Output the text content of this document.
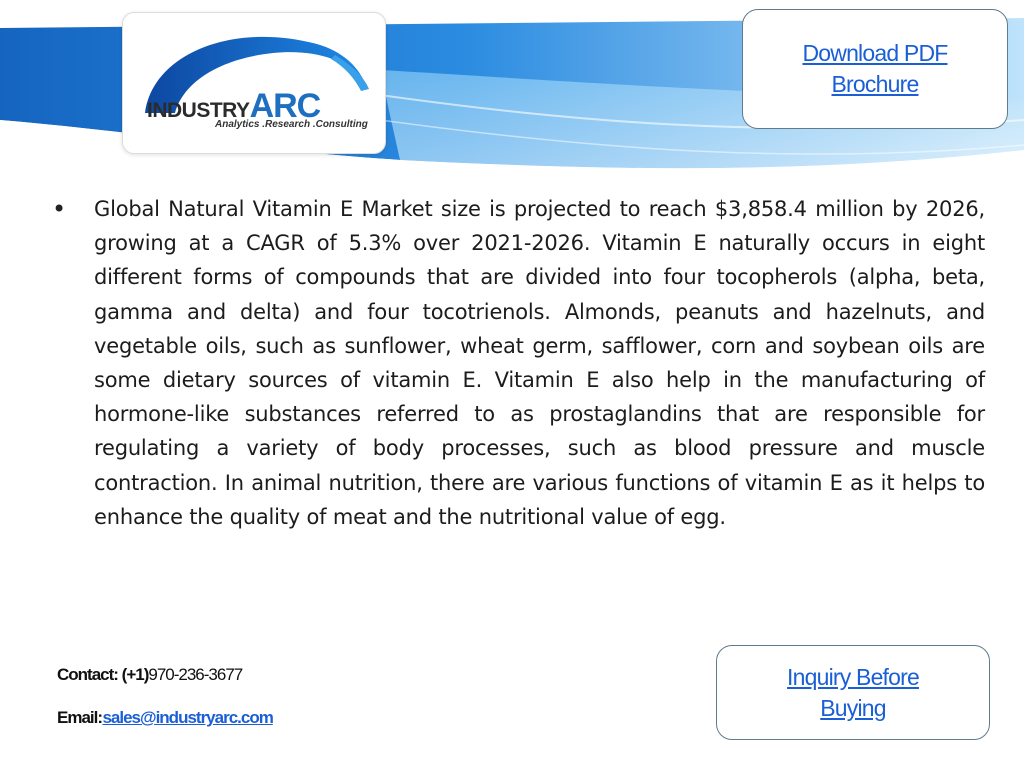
INDUSTRYARC
Analytics .Research .Consulting
Download PDF
Brochure
•	Global Natural Vitamin E Market size is projected to reach $3,858.4 million by 2026, growing at a CAGR of 5.3% over 2021-2026. Vitamin E naturally occurs in eight different forms of compounds that are divided into four tocopherols (alpha, beta, gamma and delta) and four tocotrienols. Almonds, peanuts and hazelnuts, and vegetable oils, such as sunflower, wheat germ, safflower, corn and soybean oils are some dietary sources of vitamin E. Vitamin E also help in the manufacturing of hormone-like substances referred to as prostaglandins that are responsible for regulating a variety of body processes, such as blood pressure and muscle contraction. In animal nutrition, there are various functions of vitamin E as it helps to enhance the quality of meat and the nutritional value of egg.

Contact: (+1)970-236-3677
Email: sales@industryarc.com
Inquiry Before
Buying
